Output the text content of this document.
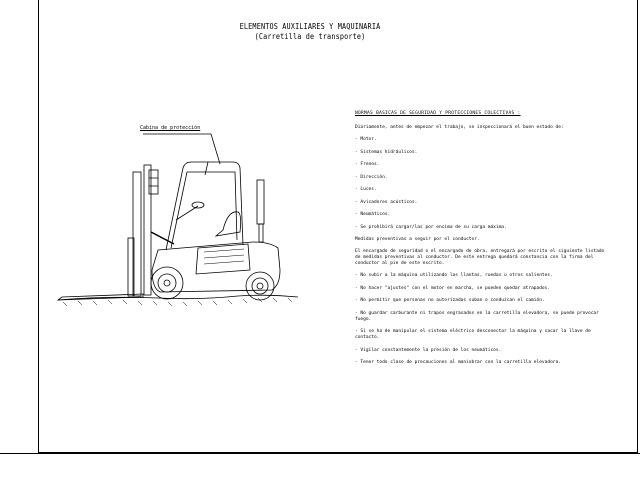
ELEMENTOS AUXILIARES Y MAQUINARIA
(Carretilla de transporte)
Cabina de protección
NORMAS BASICAS DE SEGURIDAD Y PROTECCIONES COLECTIVAS :
Diariamente, antes de empezar el trabajo, se inspeccionará el buen estado de:
- Motor.
- Sistemas hidráulicos.
- Frenos.
- Dirección.
- Luces.
- Avisadores acústicos.
- Neumáticos.
- Se prohibirá cargar/las por encima de su carga máxima.
Medidas preventivas a seguir por el conductor.
El encargado de seguridad o el encargado de obra, entregará por escrito el siguiente listado de medidas preventivas al conductor. De este entrega quedará constancia con la firma del conductor al pie de este escrito.
- No subir a la máquina utilizando las llantas, ruedas u otros salientes.
- No hacer "ajustes" con el motor en marcha, se pueden quedar atrapados.
- No permitir que personas no autorizadas suban o conduzcan el camión.
- No guardar carburante ni trapos engrasados en la carretilla elevadora, se puede provocar fuego.
- Si se ha de manipular el sistema eléctrico desconectar la máquina y sacar la llave de contacto.
- Vigilar constantemente la presión de los neumáticos.
- Tener todo clase de precauciones al maniobrar con la carretilla elevadora.
